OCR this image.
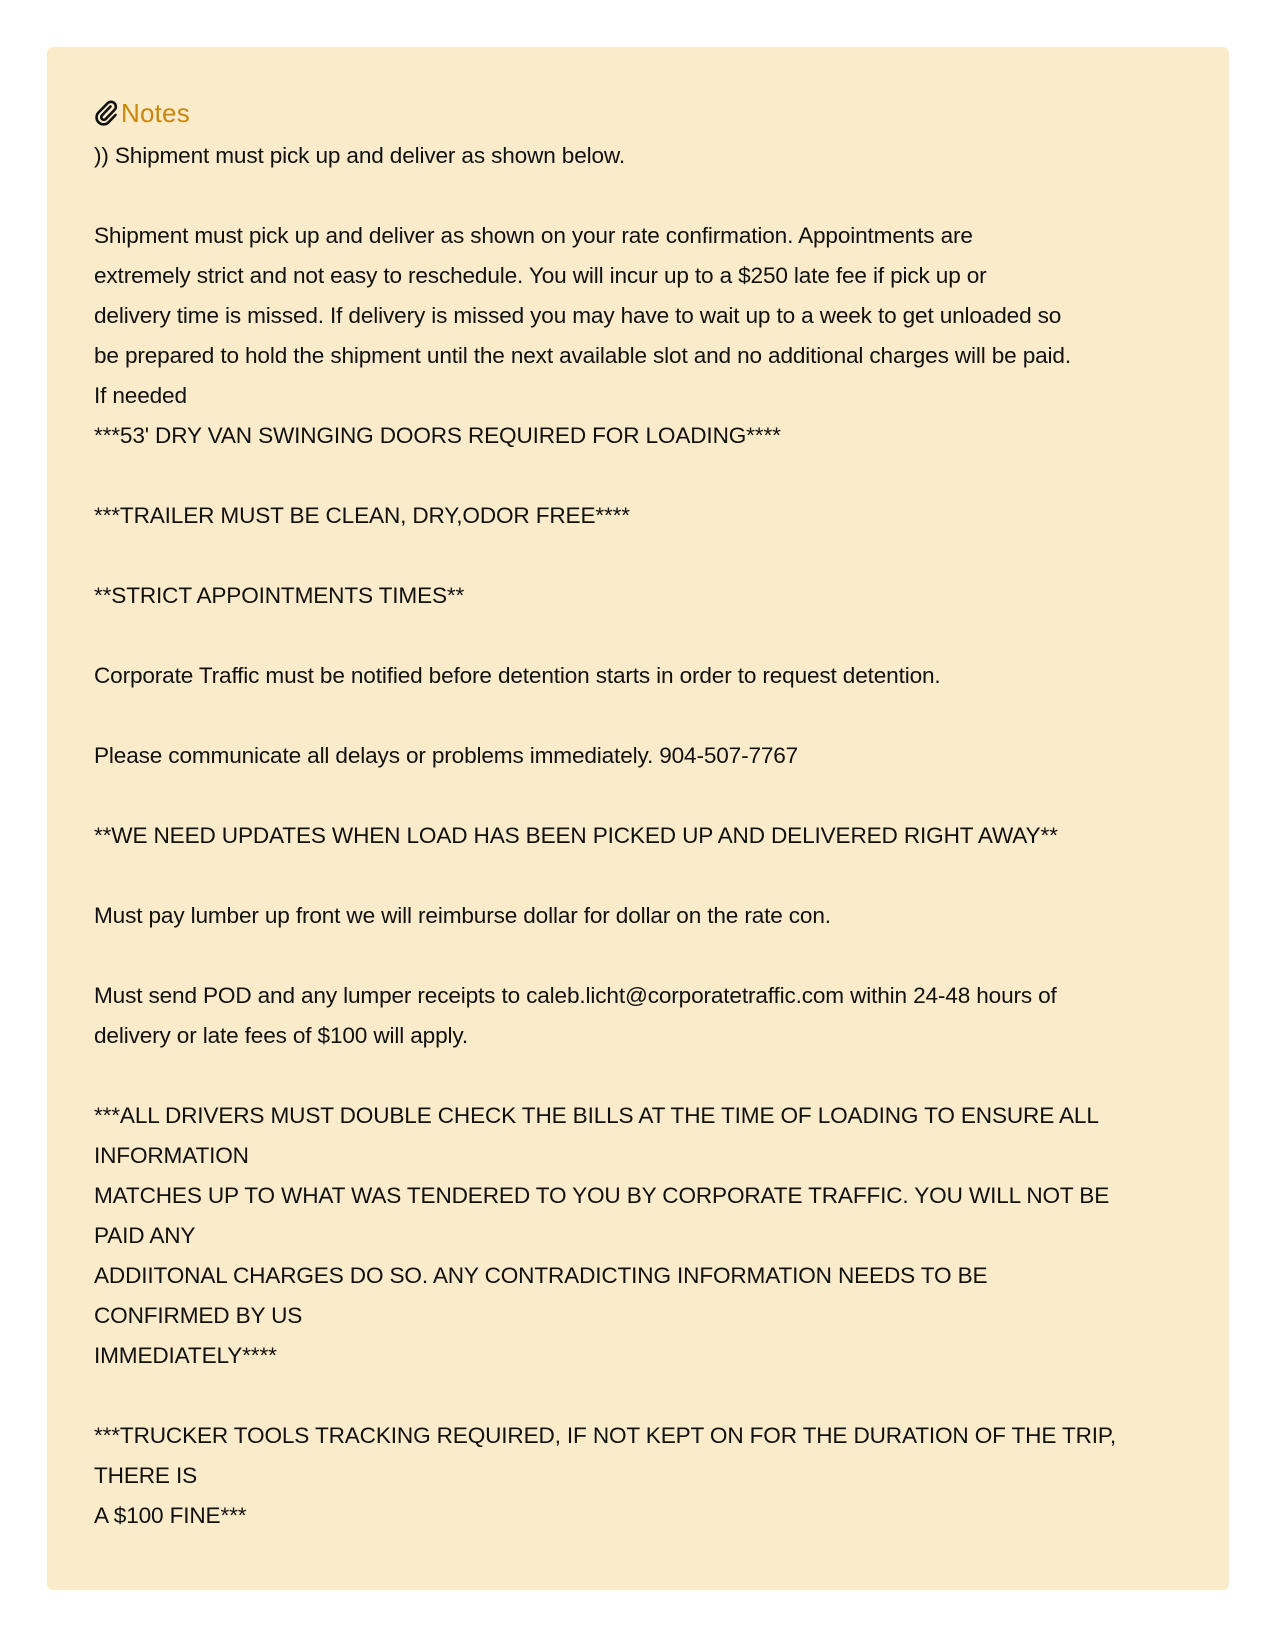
Notes
)) Shipment must pick up and deliver as shown below.
Shipment must pick up and deliver as shown on your rate confirmation. Appointments are
extremely strict and not easy to reschedule. You will incur up to a $250 late fee if pick up or
delivery time is missed. If delivery is missed you may have to wait up to a week to get unloaded so
be prepared to hold the shipment until the next available slot and no additional charges will be paid.
If needed
***53' DRY VAN SWINGING DOORS REQUIRED FOR LOADING****
***TRAILER MUST BE CLEAN, DRY,ODOR FREE****
**STRICT APPOINTMENTS TIMES**
Corporate Traffic must be notified before detention starts in order to request detention.
Please communicate all delays or problems immediately. 904-507-7767
**WE NEED UPDATES WHEN LOAD HAS BEEN PICKED UP AND DELIVERED RIGHT AWAY**
Must pay lumber up front we will reimburse dollar for dollar on the rate con.
Must send POD and any lumper receipts to caleb.licht@corporatetraffic.com within 24-48 hours of
delivery or late fees of $100 will apply.
***ALL DRIVERS MUST DOUBLE CHECK THE BILLS AT THE TIME OF LOADING TO ENSURE ALL
INFORMATION
MATCHES UP TO WHAT WAS TENDERED TO YOU BY CORPORATE TRAFFIC. YOU WILL NOT BE
PAID ANY
ADDIITONAL CHARGES DO SO. ANY CONTRADICTING INFORMATION NEEDS TO BE
CONFIRMED BY US
IMMEDIATELY****
***TRUCKER TOOLS TRACKING REQUIRED, IF NOT KEPT ON FOR THE DURATION OF THE TRIP,
THERE IS
A $100 FINE***
